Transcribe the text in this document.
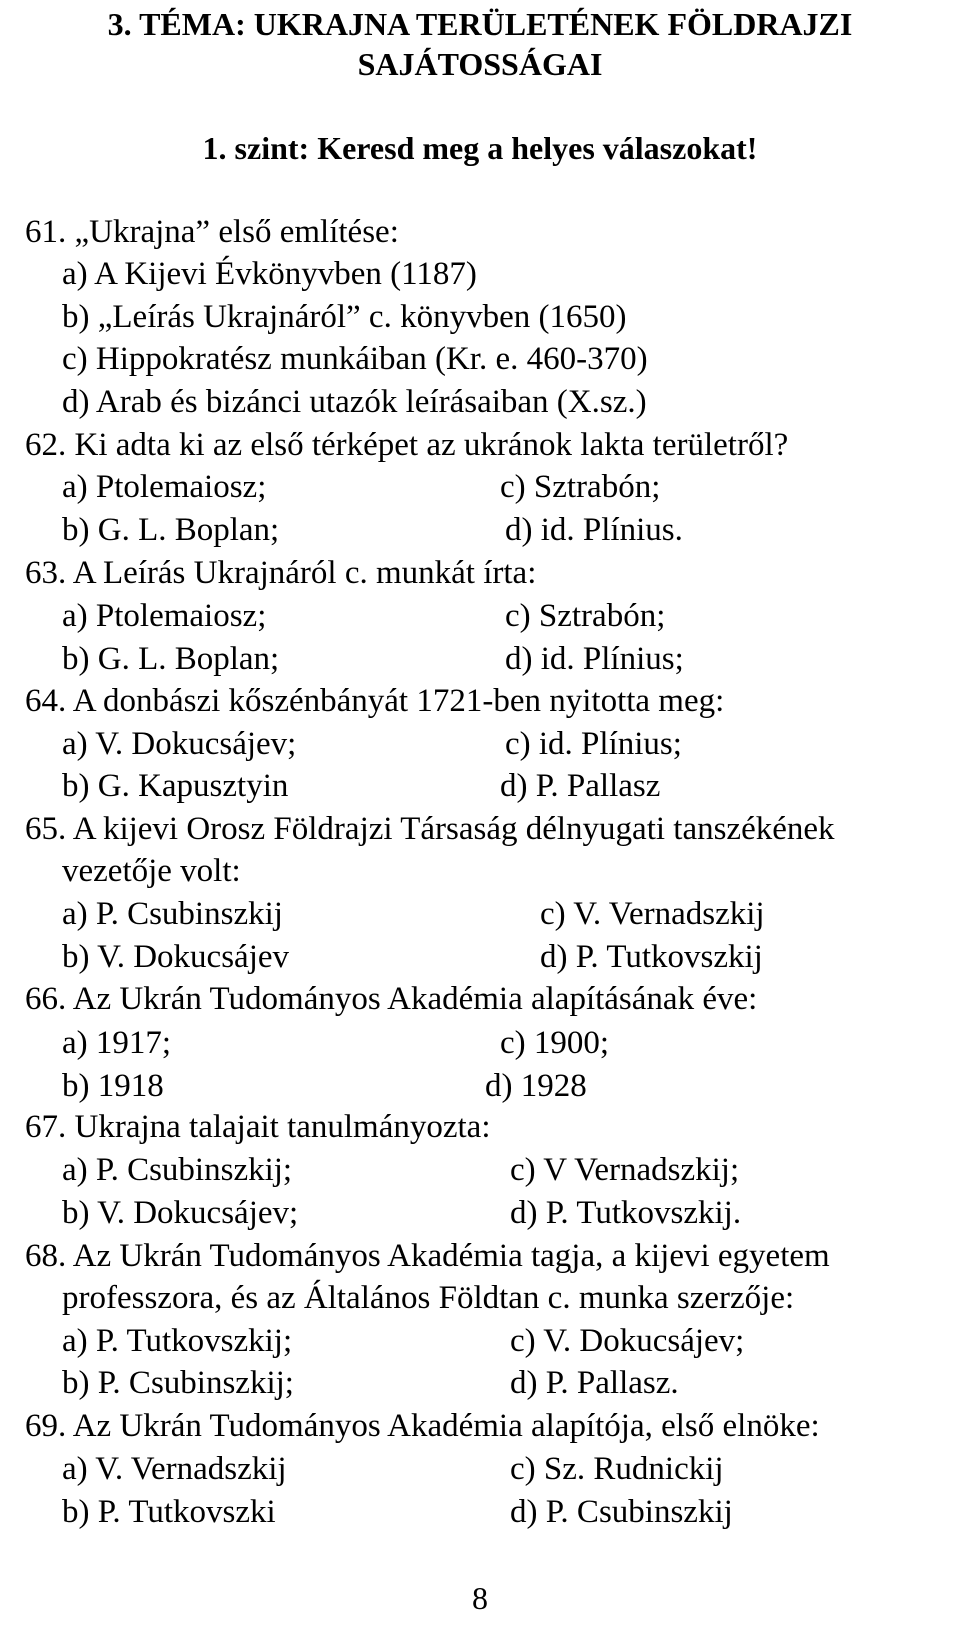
3. TÉMA: UKRAJNA TERÜLETÉNEK FÖLDRAJZI
SAJÁTOSSÁGAI
1. szint: Keresd meg a helyes válaszokat!
61. „Ukrajna” első említése:
a) A Kijevi Évkönyvben (1187)
b) „Leírás Ukrajnáról” c. könyvben (1650)
c) Hippokratész munkáiban (Kr. e. 460-370)
d) Arab és bizánci utazók leírásaiban (X.sz.)
62. Ki adta ki az első térképet az ukránok lakta területről?
a) Ptolemaiosz;	c) Sztrabón;
b) G. L. Boplan;	d) id. Plínius.
63. A Leírás Ukrajnáról c. munkát írta:
a) Ptolemaiosz;	c) Sztrabón;
b) G. L. Boplan;	d) id. Plínius;
64. A donbászi kőszénbányát 1721-ben nyitotta meg:
a) V. Dokucsájev;	c) id. Plínius;
b) G. Kapusztyin	d) P. Pallasz
65. A kijevi Orosz Földrajzi Társaság délnyugati tanszékének
vezetője volt:
a) P. Csubinszkij	c) V. Vernadszkij
b) V. Dokucsájev	d) P. Tutkovszkij
66. Az Ukrán Tudományos Akadémia alapításának éve:
a) 1917;	c) 1900;
b) 1918	d) 1928
67. Ukrajna talajait tanulmányozta:
a) P. Csubinszkij;	c) V Vernadszkij;
b) V. Dokucsájev;	d) P. Tutkovszkij.
68. Az Ukrán Tudományos Akadémia tagja, a kijevi egyetem
professzora, és az Általános Földtan c. munka szerzője:
a) P. Tutkovszkij;	c) V. Dokucsájev;
b) P. Csubinszkij;	d) P. Pallasz.
69. Az Ukrán Tudományos Akadémia alapítója, első elnöke:
a) V. Vernadszkij	c) Sz. Rudnickij
b) P. Tutkovszki	d) P. Csubinszkij
8
